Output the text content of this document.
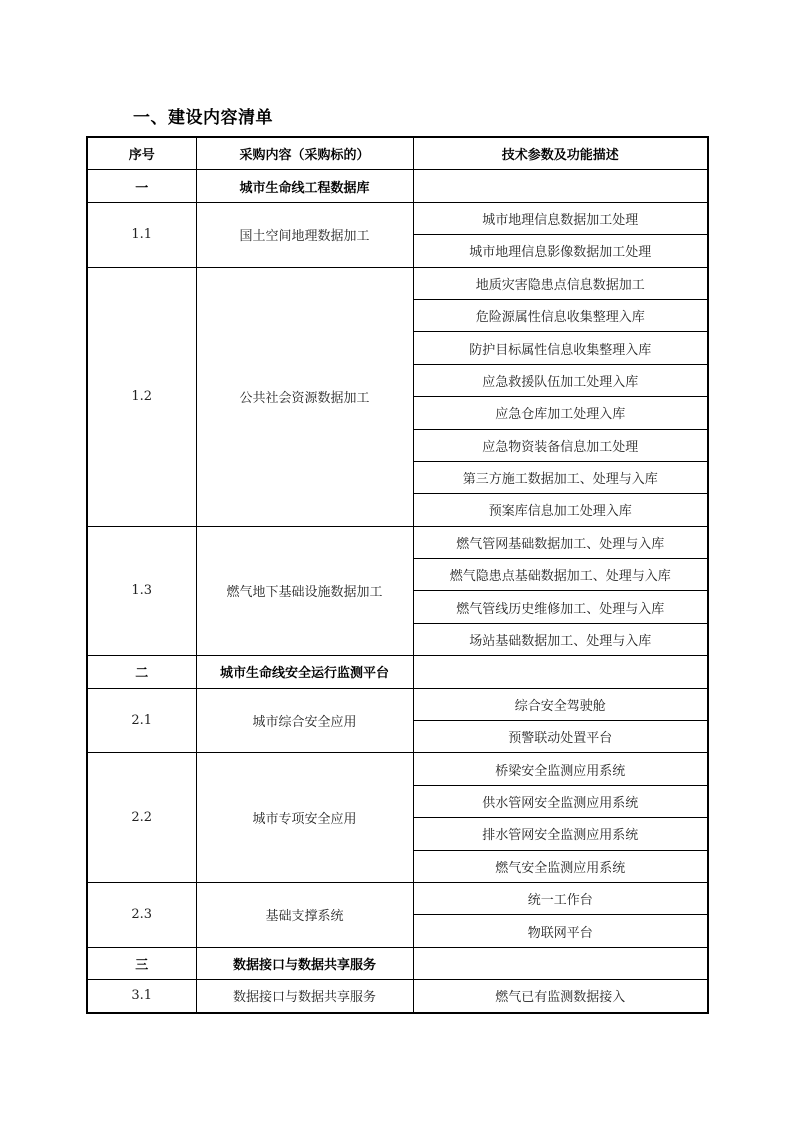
一、建设内容清单
序号	采购内容（采购标的）	技术参数及功能描述
一	城市生命线工程数据库	
1.1	国土空间地理数据加工	城市地理信息数据加工处理
		城市地理信息影像数据加工处理
1.2	公共社会资源数据加工	地质灾害隐患点信息数据加工
		危险源属性信息收集整理入库
		防护目标属性信息收集整理入库
		应急救援队伍加工处理入库
		应急仓库加工处理入库
		应急物资装备信息加工处理
		第三方施工数据加工、处理与入库
		预案库信息加工处理入库
1.3	燃气地下基础设施数据加工	燃气管网基础数据加工、处理与入库
		燃气隐患点基础数据加工、处理与入库
		燃气管线历史维修加工、处理与入库
		场站基础数据加工、处理与入库
二	城市生命线安全运行监测平台	
2.1	城市综合安全应用	综合安全驾驶舱
		预警联动处置平台
2.2	城市专项安全应用	桥梁安全监测应用系统
		供水管网安全监测应用系统
		排水管网安全监测应用系统
		燃气安全监测应用系统
2.3	基础支撑系统	统一工作台
		物联网平台
三	数据接口与数据共享服务	
3.1	数据接口与数据共享服务	燃气已有监测数据接入
